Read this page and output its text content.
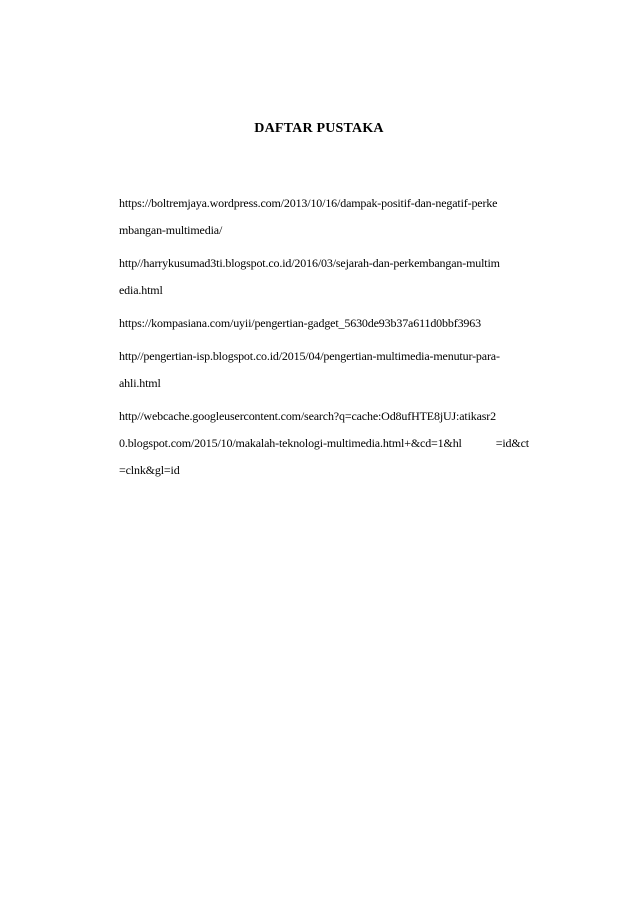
DAFTAR PUSTAKA
https://boltremjaya.wordpress.com/2013/10/16/dampak-positif-dan-negatif-perke
mbangan-multimedia/
http//harrykusumad3ti.blogspot.co.id/2016/03/sejarah-dan-perkembangan-multim
edia.html
https://kompasiana.com/uyii/pengertian-gadget_5630de93b37a611d0bbf3963
http//pengertian-isp.blogspot.co.id/2015/04/pengertian-multimedia-menutur-para-
ahli.html
http//webcache.googleusercontent.com/search?q=cache:Od8ufHTE8jUJ:atikasr2
0.blogspot.com/2015/10/makalah-teknologi-multimedia.html+&cd=1&hl	=id&ct
=clnk&gl=id
